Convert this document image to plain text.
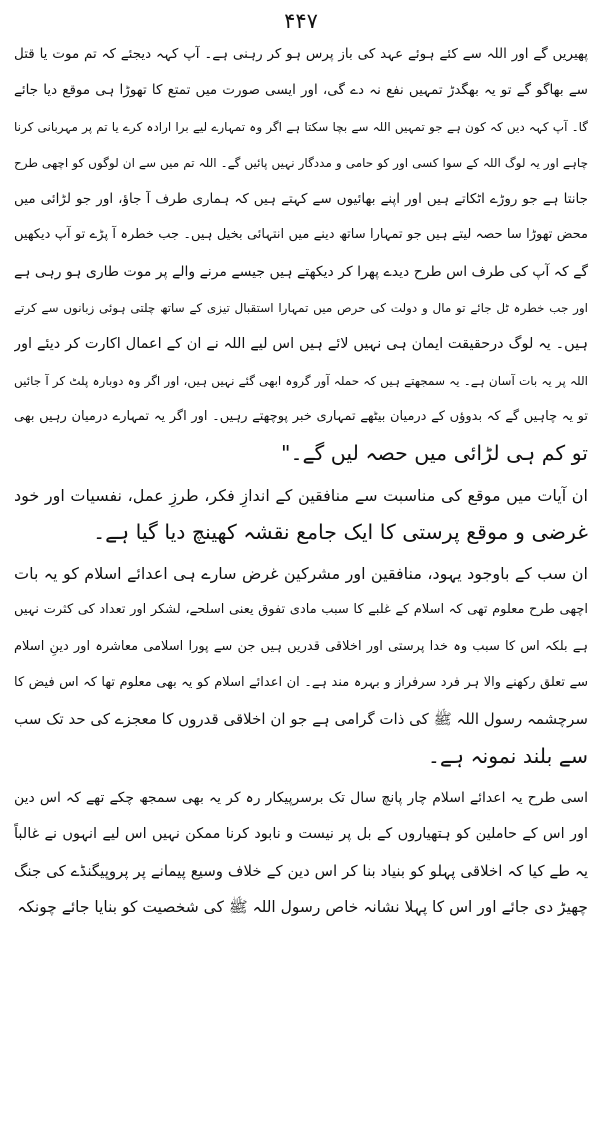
۴۴۷
پھیریں گے اور اللہ سے کئے ہوئے عہد کی باز پرس ہو کر رہنی ہے۔ آپ کہہ دیجئے کہ تم موت یا قتل
سے بھاگو گے تو یہ بھگدڑ تمہیں نفع نہ دے گی، اور ایسی صورت میں تمتع کا تھوڑا ہی موقع دیا جائے
گا۔ آپ کہہ دیں کہ کون ہے جو تمہیں اللہ سے بچا سکتا ہے اگر وہ تمہارے لیے برا ارادہ کرے یا تم پر مہربانی کرنا
چاہے اور یہ لوگ اللہ کے سوا کسی اور کو حامی و مددگار نہیں پائیں گے۔ اللہ تم میں سے ان لوگوں کو اچھی طرح
جانتا ہے جو روڑے اٹکاتے ہیں اور اپنے بھائیوں سے کہتے ہیں کہ ہماری طرف آ جاؤ، اور جو لڑائی میں
محض تھوڑا سا حصہ لیتے ہیں جو تمہارا ساتھ دینے میں انتہائی بخیل ہیں۔ جب خطرہ آ پڑے تو آپ دیکھیں
گے کہ آپ کی طرف اس طرح دیدے پھرا کر دیکھتے ہیں جیسے مرنے والے پر موت طاری ہو رہی ہے
اور جب خطرہ ٹل جائے تو مال و دولت کی حرص میں تمہارا استقبال تیزی کے ساتھ چلتی ہوئی زبانوں سے کرتے
ہیں۔ یہ لوگ درحقیقت ایمان ہی نہیں لائے ہیں اس لیے اللہ نے ان کے اعمال اکارت کر دیئے اور
اللہ پر یہ بات آسان ہے۔ یہ سمجھتے ہیں کہ حملہ آور گروہ ابھی گئے نہیں ہیں، اور اگر وہ دوبارہ پلٹ کر آ جائیں
تو یہ چاہیں گے کہ بدوؤں کے درمیان بیٹھے تمہاری خبر پوچھتے رہیں۔ اور اگر یہ تمہارے درمیان رہیں بھی
تو کم ہی لڑائی میں حصہ لیں گے۔"
ان آیات میں موقع کی مناسبت سے منافقین کے اندازِ فکر، طرزِ عمل، نفسیات اور خود
غرضی و موقع پرستی کا ایک جامع نقشہ کھینچ دیا گیا ہے۔
ان سب کے باوجود یہود، منافقین اور مشرکین غرض سارے ہی اعدائے اسلام کو یہ بات
اچھی طرح معلوم تھی کہ اسلام کے غلبے کا سبب مادی تفوق یعنی اسلحے، لشکر اور تعداد کی کثرت نہیں
ہے بلکہ اس کا سبب وہ خدا پرستی اور اخلاقی قدریں ہیں جن سے پورا اسلامی معاشرہ اور دینِ اسلام
سے تعلق رکھنے والا ہر فرد سرفراز و بہرہ مند ہے۔ ان اعدائے اسلام کو یہ بھی معلوم تھا کہ اس فیض کا
سرچشمہ رسول اللہ ﷺ کی ذات گرامی ہے جو ان اخلاقی قدروں کا معجزے کی حد تک سب
سے بلند نمونہ ہے۔
اسی طرح یہ اعدائے اسلام چار پانچ سال تک برسرپیکار رہ کر یہ بھی سمجھ چکے تھے کہ اس دین
اور اس کے حاملین کو ہتھیاروں کے بل پر نیست و نابود کرنا ممکن نہیں اس لیے انہوں نے غالباً
یہ طے کیا کہ اخلاقی پہلو کو بنیاد بنا کر اس دین کے خلاف وسیع پیمانے پر پروپیگنڈے کی جنگ
چھیڑ دی جائے اور اس کا پہلا نشانہ خاص رسول اللہ ﷺ کی شخصیت کو بنایا جائے چونکہ
